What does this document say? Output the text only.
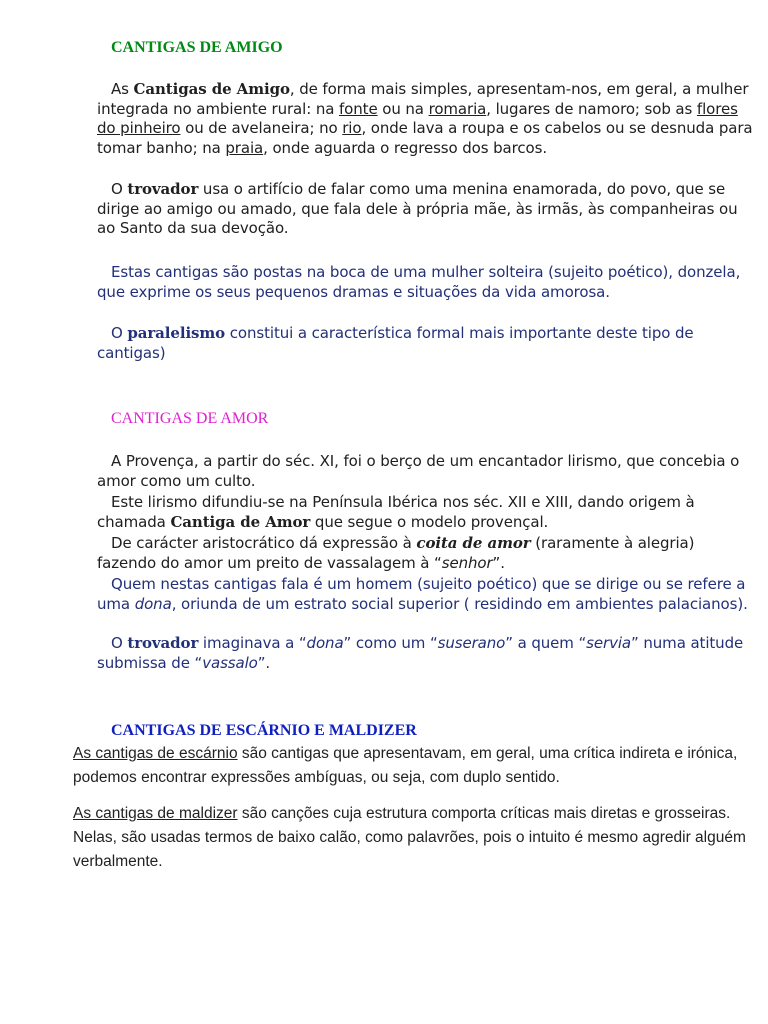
CANTIGAS DE AMIGO

As Cantigas de Amigo, de forma mais simples, apresentam-nos, em geral, a mulher integrada no ambiente rural: na fonte ou na romaria, lugares de namoro; sob as flores do pinheiro ou de avelaneira; no rio, onde lava a roupa e os cabelos ou se desnuda para tomar banho; na praia, onde aguarda o regresso dos barcos.

O trovador usa o artifício de falar como uma menina enamorada, do povo, que se dirige ao amigo ou amado, que fala dele à própria mãe, às irmãs, às companheiras ou ao Santo da sua devoção.

Estas cantigas são postas na boca de uma mulher solteira (sujeito poético), donzela, que exprime os seus pequenos dramas e situações da vida amorosa.

O paralelismo constitui a característica formal mais importante deste tipo de cantigas)

CANTIGAS DE AMOR

A Provença, a partir do séc. XI, foi o berço de um encantador lirismo, que concebia o amor como um culto.

Este lirismo difundiu-se na Península Ibérica nos séc. XII e XIII, dando origem à chamada Cantiga de Amor que segue o modelo provençal.

De carácter aristocrático dá expressão à coita de amor (raramente à alegria) fazendo do amor um preito de vassalagem à “senhor”.

Quem nestas cantigas fala é um homem (sujeito poético) que se dirige ou se refere a uma dona, oriunda de um estrato social superior ( residindo em ambientes palacianos).

O trovador imaginava a “dona” como um “suserano” a quem “servia” numa atitude submissa de “vassalo”.

CANTIGAS DE ESCÁRNIO E MALDIZER

As cantigas de escárnio são cantigas que apresentavam, em geral, uma crítica indireta e irónica, podemos encontrar expressões ambíguas, ou seja, com duplo sentido.

As cantigas de maldizer são canções cuja estrutura comporta críticas mais diretas e grosseiras. Nelas, são usadas termos de baixo calão, como palavrões, pois o intuito é mesmo agredir alguém verbalmente.
